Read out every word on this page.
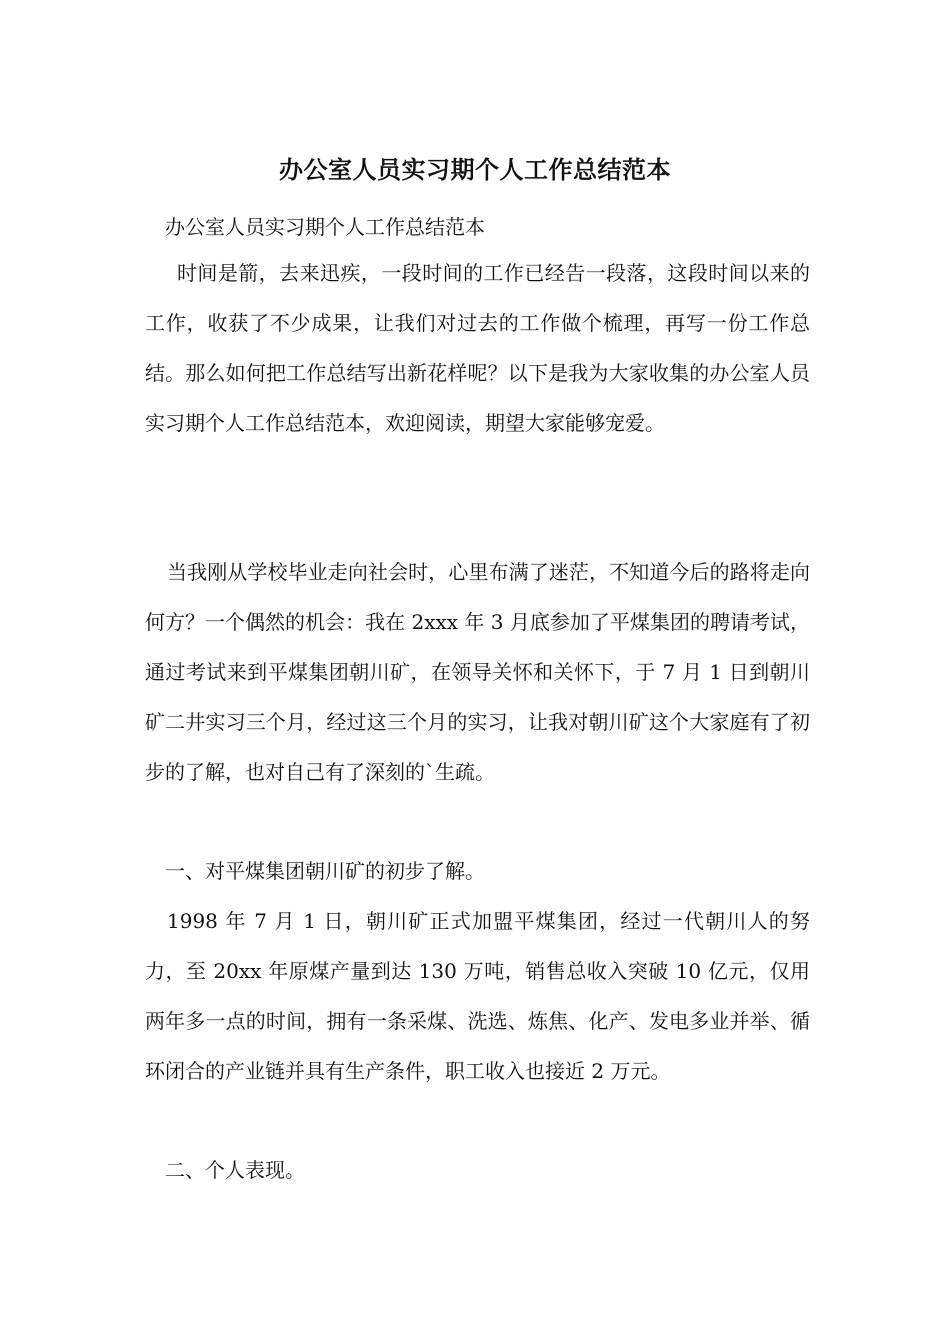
办公室人员实习期个人工作总结范本

办公室人员实习期个人工作总结范本

时间是箭，去来迅疾，一段时间的工作已经告一段落，这段时间以来的工作，收获了不少成果，让我们对过去的工作做个梳理，再写一份工作总结。那么如何把工作总结写出新花样呢？以下是我为大家收集的办公室人员实习期个人工作总结范本，欢迎阅读，期望大家能够宠爱。

当我刚从学校毕业走向社会时，心里布满了迷茫，不知道今后的路将走向何方？一个偶然的机会：我在 2xxx 年 3 月底参加了平煤集团的聘请考试，通过考试来到平煤集团朝川矿，在领导关怀和关怀下，于 7 月 1 日到朝川矿二井实习三个月，经过这三个月的实习，让我对朝川矿这个大家庭有了初步的了解，也对自己有了深刻的`生疏。

一、对平煤集团朝川矿的初步了解。

1998 年 7 月 1 日，朝川矿正式加盟平煤集团，经过一代朝川人的努力，至 20xx 年原煤产量到达 130 万吨，销售总收入突破 10 亿元，仅用两年多一点的时间，拥有一条采煤、洗选、炼焦、化产、发电多业并举、循环闭合的产业链并具有生产条件，职工收入也接近 2 万元。

二、个人表现。
